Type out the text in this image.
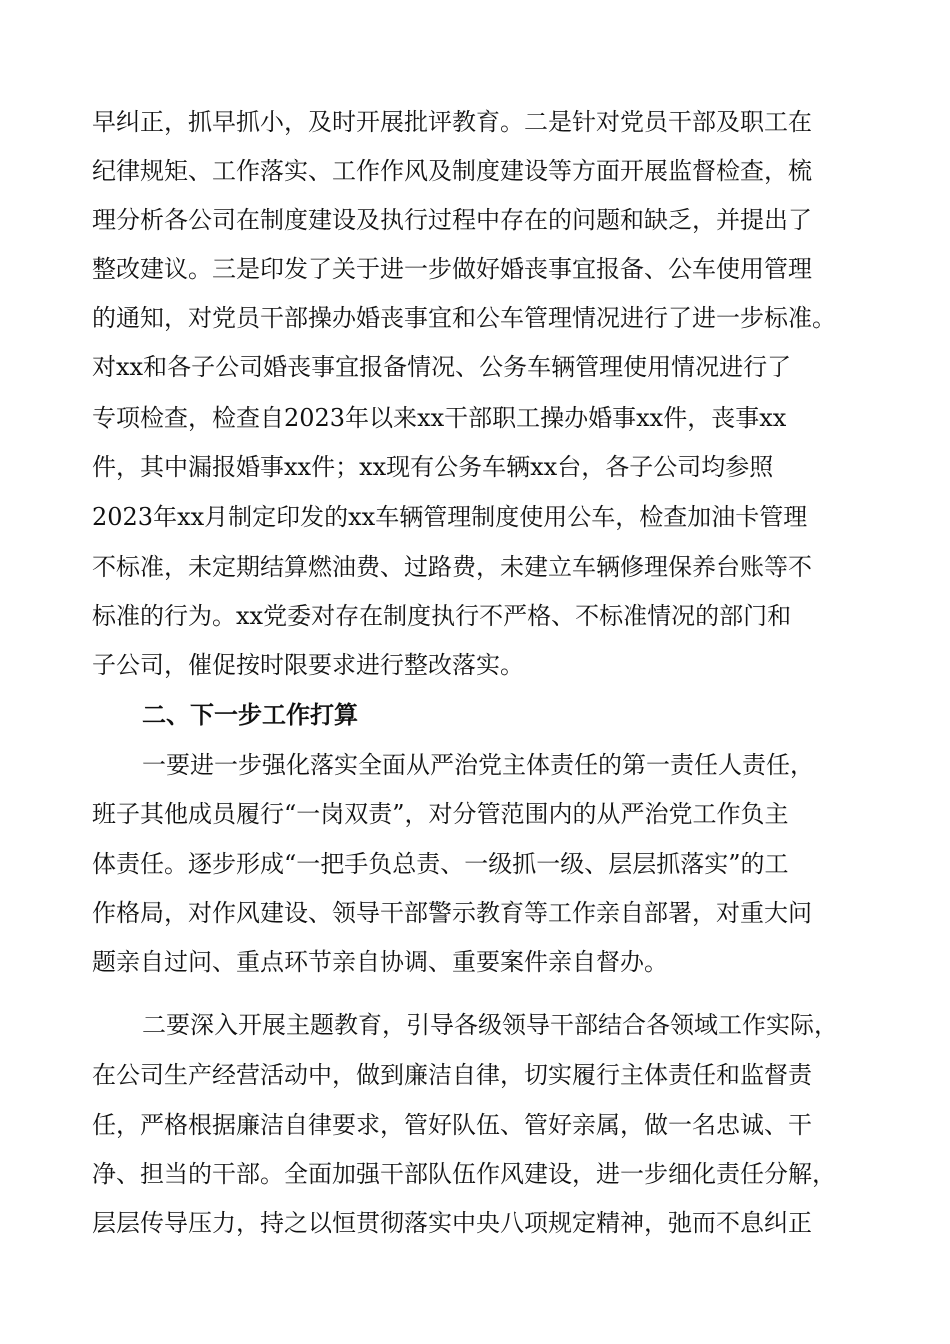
早纠正，抓早抓小，及时开展批评教育。二是针对党员干部及职工在
纪律规矩、工作落实、工作作风及制度建设等方面开展监督检查，梳
理分析各公司在制度建设及执行过程中存在的问题和缺乏，并提出了
整改建议。三是印发了关于进一步做好婚丧事宜报备、公车使用管理
的通知，对党员干部操办婚丧事宜和公车管理情况进行了进一步标准。
对xx和各子公司婚丧事宜报备情况、公务车辆管理使用情况进行了
专项检查，检查自2023年以来xx干部职工操办婚事xx件，丧事xx
件，其中漏报婚事xx件；xx现有公务车辆xx台，各子公司均参照
2023年xx月制定印发的xx车辆管理制度使用公车，检查加油卡管理
不标准，未定期结算燃油费、过路费，未建立车辆修理保养台账等不
标准的行为。xx党委对存在制度执行不严格、不标准情况的部门和
子公司，催促按时限要求进行整改落实。
二、下一步工作打算
一要进一步强化落实全面从严治党主体责任的第一责任人责任，
班子其他成员履行“一岗双责”，对分管范围内的从严治党工作负主
体责任。逐步形成“一把手负总责、一级抓一级、层层抓落实”的工
作格局，对作风建设、领导干部警示教育等工作亲自部署，对重大问
题亲自过问、重点环节亲自协调、重要案件亲自督办。
二要深入开展主题教育，引导各级领导干部结合各领域工作实际，
在公司生产经营活动中，做到廉洁自律，切实履行主体责任和监督责
任，严格根据廉洁自律要求，管好队伍、管好亲属，做一名忠诚、干
净、担当的干部。全面加强干部队伍作风建设，进一步细化责任分解，
层层传导压力，持之以恒贯彻落实中央八项规定精神，弛而不息纠正
